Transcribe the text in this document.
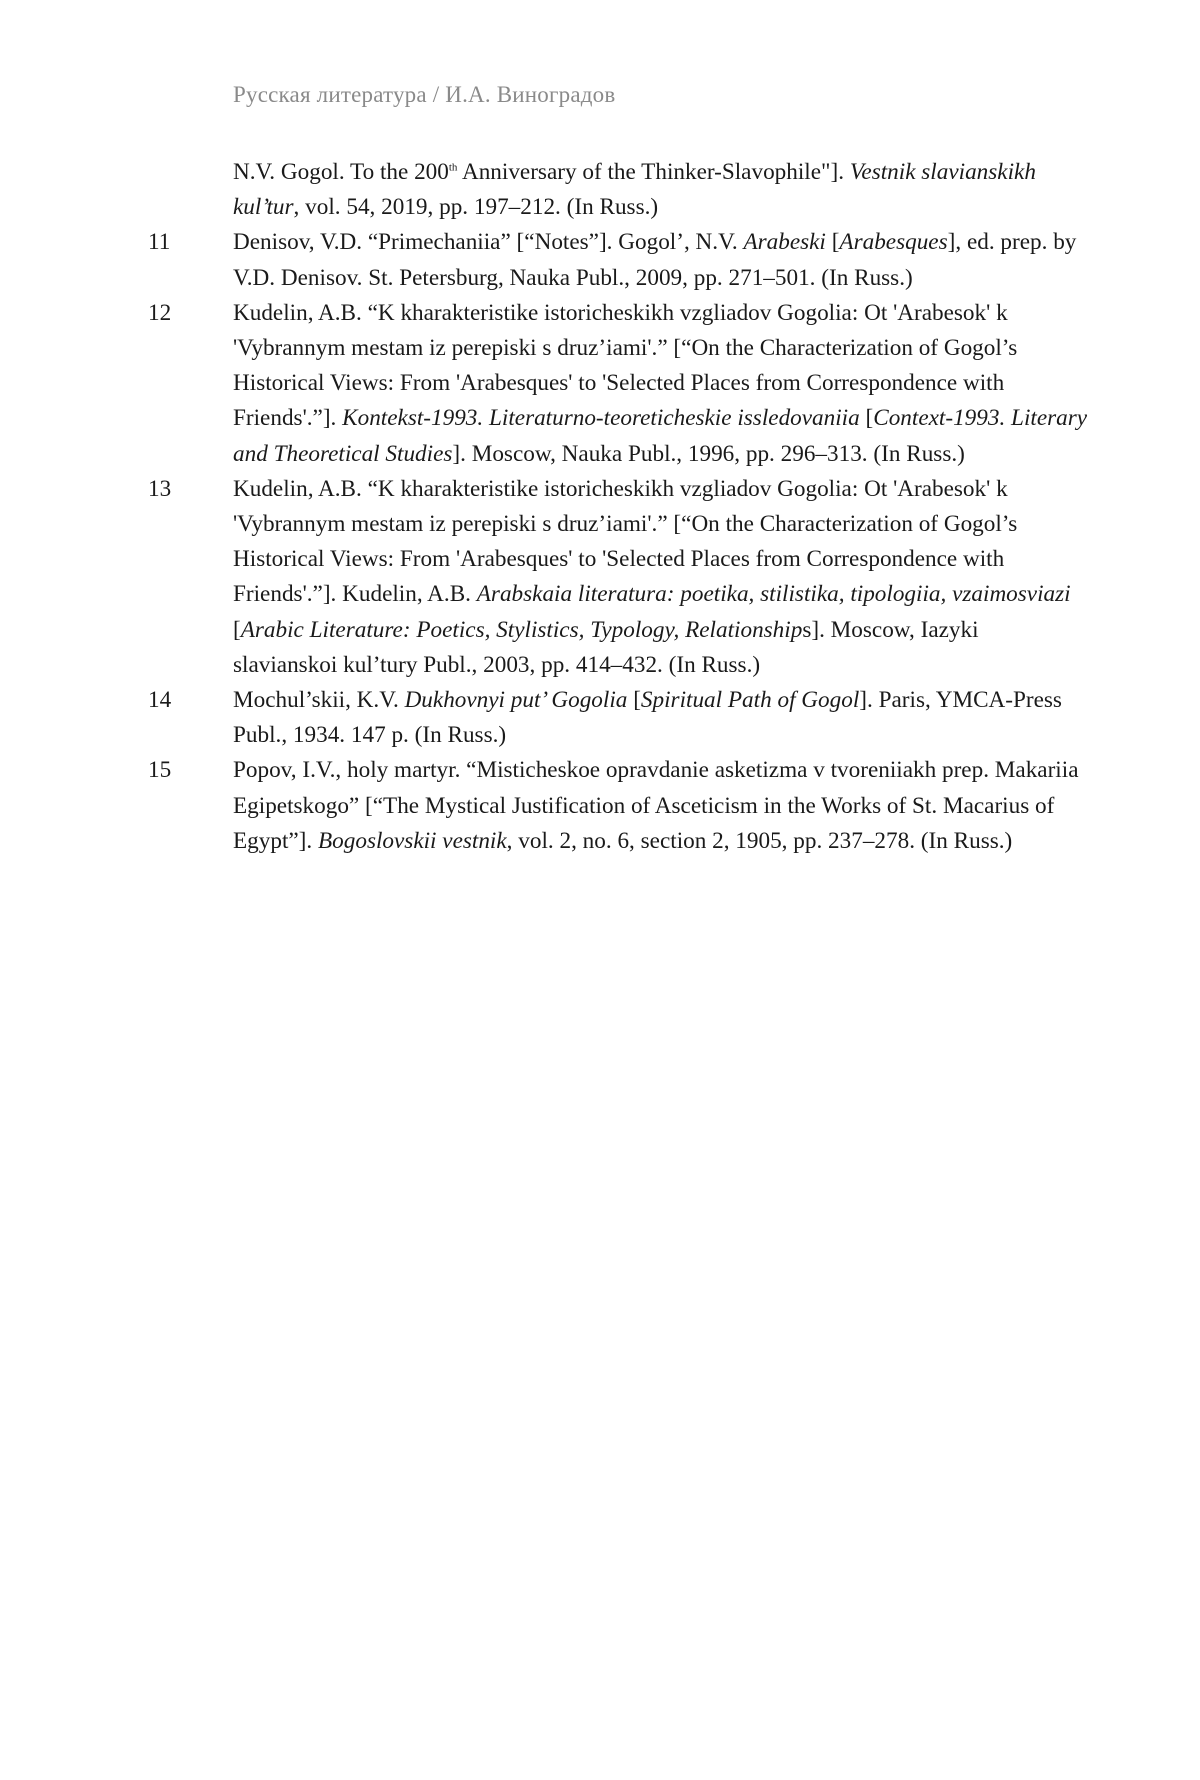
Русская литература / И.А. Виноградов
N.V. Gogol. To the 200th Anniversary of the Thinker-Slavophile"]. Vestnik slavianskikh kul’tur, vol. 54, 2019, pp. 197–212. (In Russ.)
11	Denisov, V.D. “Primechaniia” [“Notes”]. Gogol’, N.V. Arabeski [Arabesques], ed. prep. by V.D. Denisov. St. Petersburg, Nauka Publ., 2009, pp. 271–501. (In Russ.)
12	Kudelin, A.B. “K kharakteristike istoricheskikh vzgliadov Gogolia: Ot 'Arabesok' k 'Vybrannym mestam iz perepiski s druz’iami'.” [“On the Characterization of Gogol’s Historical Views: From 'Arabesques' to 'Selected Places from Correspondence with Friends'.”]. Kontekst-1993. Literaturno-teoreticheskie issledovaniia [Context-1993. Literary and Theoretical Studies]. Moscow, Nauka Publ., 1996, pp. 296–313. (In Russ.)
13	Kudelin, A.B. “K kharakteristike istoricheskikh vzgliadov Gogolia: Ot 'Arabesok' k 'Vybrannym mestam iz perepiski s druz’iami'.” [“On the Characterization of Gogol’s Historical Views: From 'Arabesques' to 'Selected Places from Correspondence with Friends'.”]. Kudelin, A.B. Arabskaia literatura: poetika, stilistika, tipologiia, vzaimosviazi [Arabic Literature: Poetics, Stylistics, Typology, Relationships]. Moscow, Iazyki slavianskoi kul’tury Publ., 2003, pp. 414–432. (In Russ.)
14	Mochul’skii, K.V. Dukhovnyi put’ Gogolia [Spiritual Path of Gogol]. Paris, YMCA-Press Publ., 1934. 147 p. (In Russ.)
15	Popov, I.V., holy martyr. “Misticheskoe opravdanie asketizma v tvoreniiakh prep. Makariia Egipetskogo” [“The Mystical Justification of Asceticism in the Works of St. Macarius of Egypt”]. Bogoslovskii vestnik, vol. 2, no. 6, section 2, 1905, pp. 237–278. (In Russ.)
